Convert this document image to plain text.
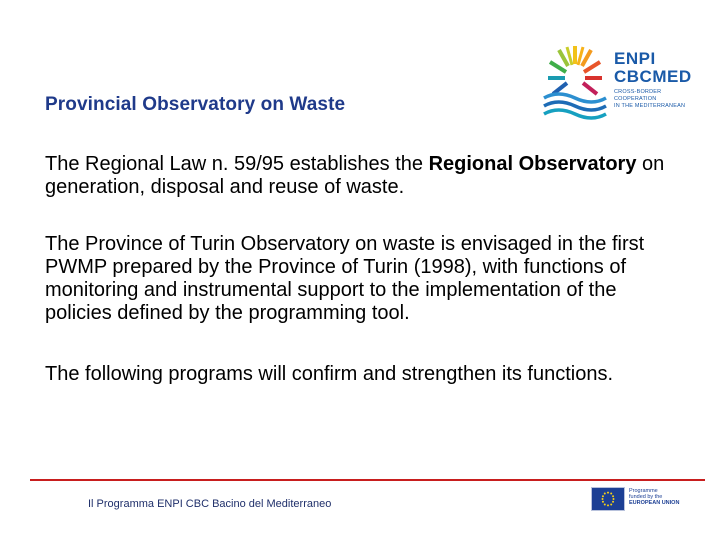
Provincial Observatory on Waste
ENPI
CBCMED
CROSS-BORDER COOPERATION
IN THE MEDITERRANEAN
The Regional Law n. 59/95 establishes the Regional Observatory on generation, disposal and reuse of waste.
The Province of Turin Observatory on waste is envisaged in the first PWMP prepared by the Province of Turin (1998), with functions of monitoring and instrumental support to the implementation of the policies defined by the programming tool.
The following programs will confirm and strengthen its functions.
Il Programma ENPI CBC Bacino del Mediterraneo
Programme
funded by the
EUROPEAN UNION
